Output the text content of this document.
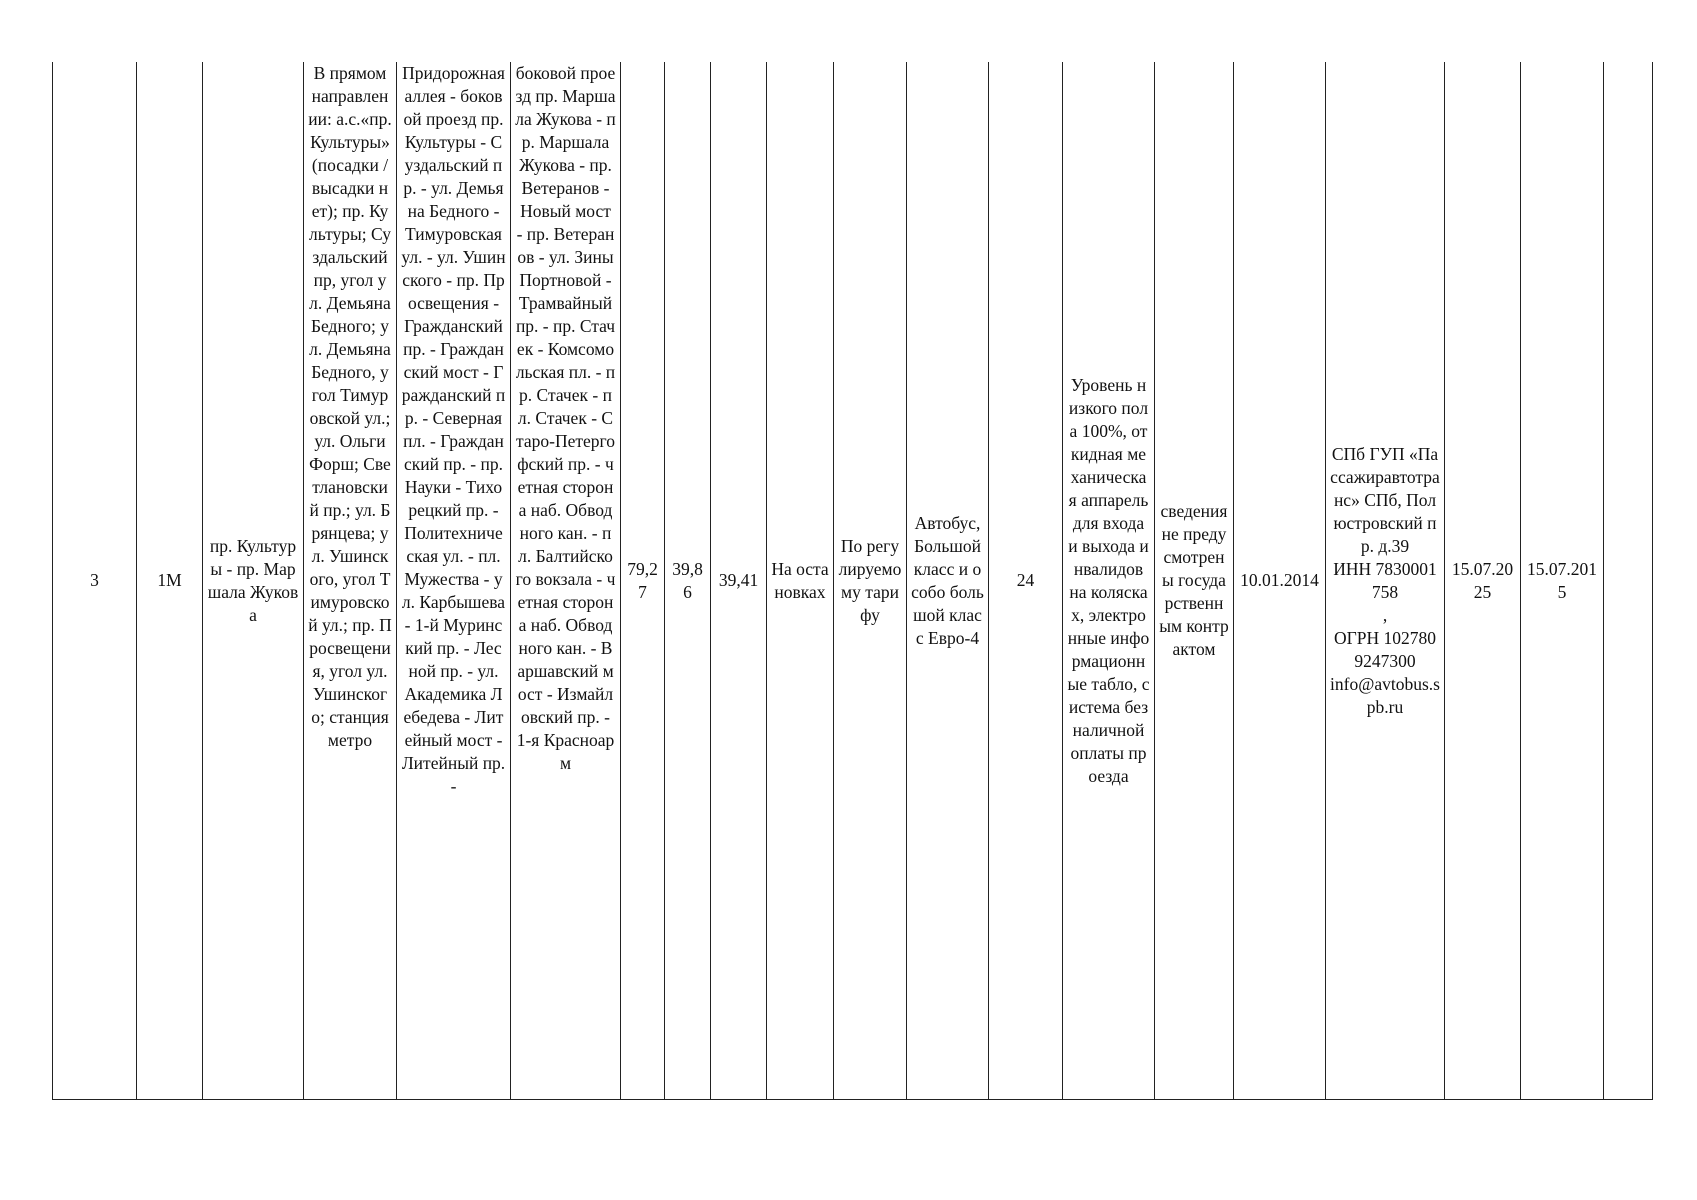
3	1М	пр. Культуры - пр. Маршала Жукова	В прямом направлении: а.с.«пр. Культуры» (посадки /высадки нет); пр. Культуры; Суздальский пр, угол ул. Демьяна Бедного; ул. Демьяна Бедного, угол Тимуровской ул.; ул. Ольги Форш; Светлановский пр.; ул. Брянцева; ул. Ушинского, угол Тимуровской ул.; пр. Просвещения, угол ул. Ушинского; станция метро	Придорожная аллея - боковой проезд пр. Культуры - Суздальский пр. - ул. Демьяна Бедного - Тимуровская ул. - ул. Ушинского - пр. Просвещения - Гражданский пр. - Гражданский мост - Гражданский пр. - Северная пл. - Гражданский пр. - пр. Науки - Тихорецкий пр. - Политехническая ул. - пл. Мужества - ул. Карбышева - 1-й Муринский пр. - Лесной пр. - ул. Академика Лебедева - Литейный мост - Литейный пр. -	боковой проезд пр. Маршала Жукова - пр. Маршала Жукова - пр. Ветеранов - Новый мост - пр. Ветеранов - ул. Зины Портновой - Трамвайный пр. - пр. Стачек - Комсомольская пл. - пр. Стачек - пл. Стачек - Старо-Петергофский пр. - четная сторона наб. Обводного кан. - пл. Балтийского вокзала - четная сторона наб. Обводного кан. - Варшавский мост - Измайловский пр. - 1-я Красноарм	79,27	39,86	39,41	На остановках	По регулируемому тарифу	Автобус, Большой класс и особо большой класс Евро-4	24	Уровень низкого пола 100%, откидная механическая аппарель для входа и выхода инвалидов на колясках, электронные информационные табло, система безналичной оплаты проезда	сведения не предусмотрены государственным контрактом	10.01.2014	СПб ГУП «Пассажиравтотранс» СПб, Полюстровский пр. д.39
ИНН 7830001758
,
ОГРН 1027809247300
info@avtobus.spb.ru	15.07.2025	15.07.2015	
